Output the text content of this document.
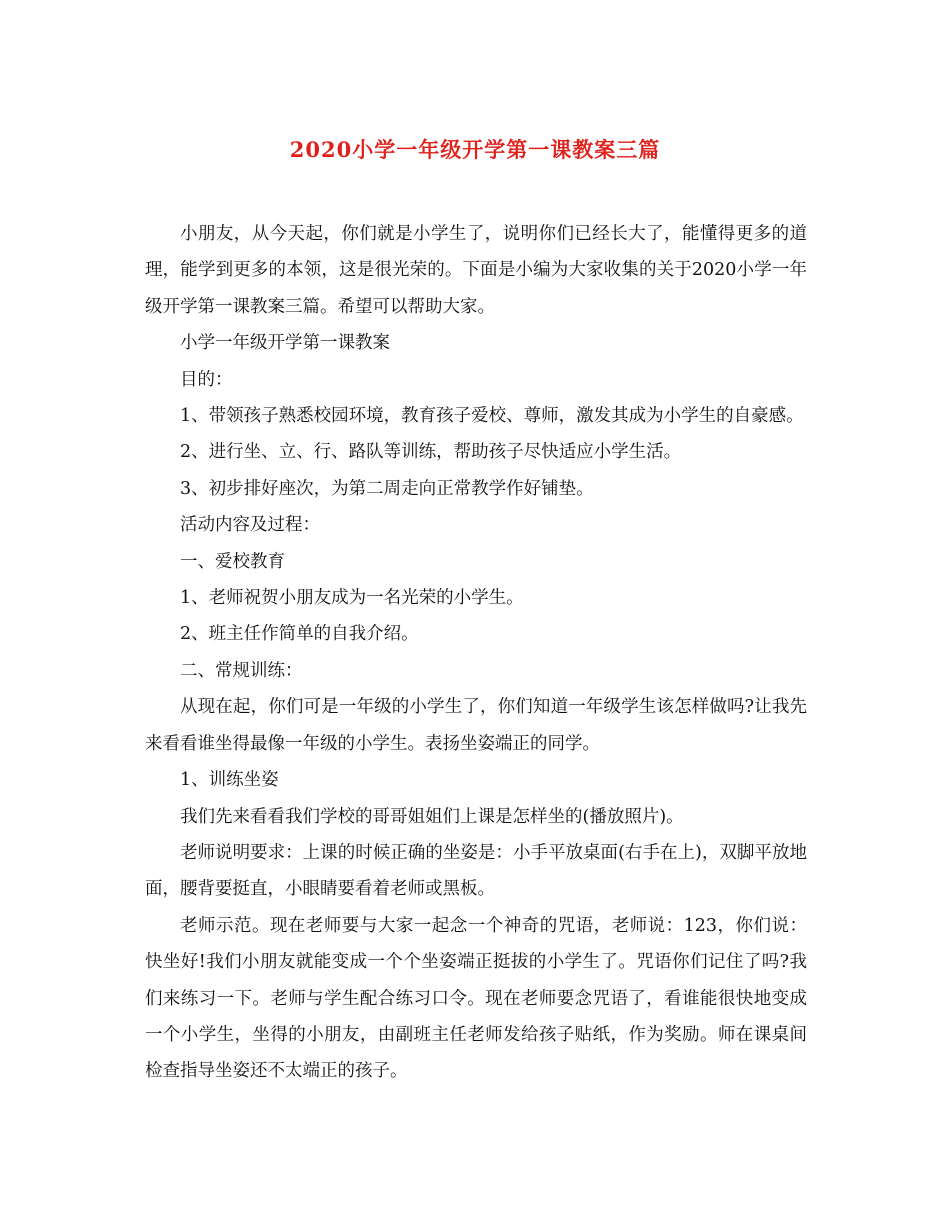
2020小学一年级开学第一课教案三篇

小朋友，从今天起，你们就是小学生了，说明你们已经长大了，能懂得更多的道理，能学到更多的本领，这是很光荣的。下面是小编为大家收集的关于2020小学一年级开学第一课教案三篇。希望可以帮助大家。

小学一年级开学第一课教案

目的：

1、带领孩子熟悉校园环境，教育孩子爱校、尊师，激发其成为小学生的自豪感。

2、进行坐、立、行、路队等训练，帮助孩子尽快适应小学生活。

3、初步排好座次，为第二周走向正常教学作好铺垫。

活动内容及过程：

一、爱校教育

1、老师祝贺小朋友成为一名光荣的小学生。

2、班主任作简单的自我介绍。

二、常规训练：

从现在起，你们可是一年级的小学生了，你们知道一年级学生该怎样做吗?让我先来看看谁坐得最像一年级的小学生。表扬坐姿端正的同学。

1、训练坐姿

我们先来看看我们学校的哥哥姐姐们上课是怎样坐的(播放照片)。

老师说明要求：上课的时候正确的坐姿是：小手平放桌面(右手在上)，双脚平放地面，腰背要挺直，小眼睛要看着老师或黑板。

老师示范。现在老师要与大家一起念一个神奇的咒语，老师说：123，你们说：快坐好!我们小朋友就能变成一个个坐姿端正挺拔的小学生了。咒语你们记住了吗?我们来练习一下。老师与学生配合练习口令。现在老师要念咒语了，看谁能很快地变成一个小学生，坐得的小朋友，由副班主任老师发给孩子贴纸，作为奖励。师在课桌间检查指导坐姿还不太端正的孩子。
